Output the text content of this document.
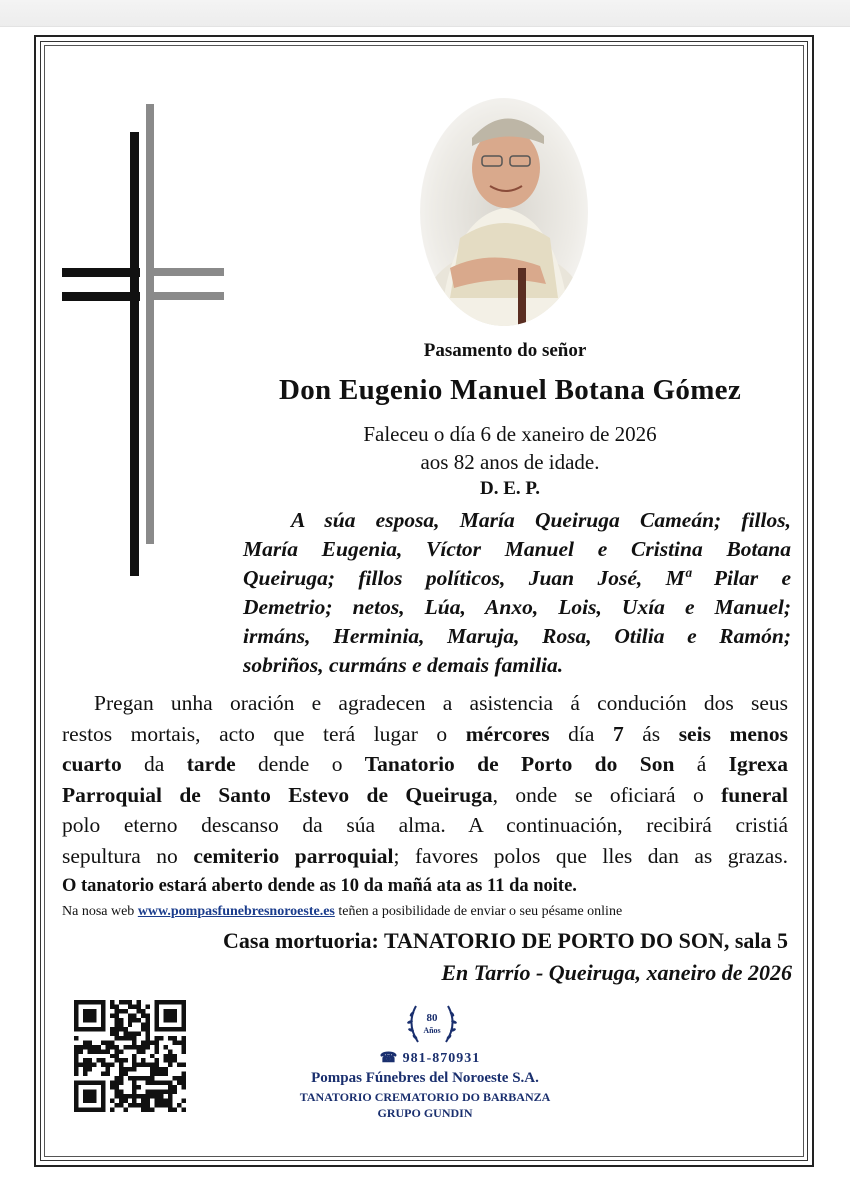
Pasamento do señor
Don Eugenio Manuel Botana Gómez
Faleceu o día 6 de xaneiro de 2026
aos 82 anos de idade.
D. E. P.
A súa esposa, María Queiruga Cameán; fillos,
María Eugenia, Víctor Manuel e Cristina Botana
Queiruga; fillos políticos, Juan José, Mª Pilar e
Demetrio; netos, Lúa, Anxo, Lois, Uxía e Manuel;
irmáns, Herminia, Maruja, Rosa, Otilia e Ramón;
sobriños, curmáns e demais familia.
Pregan unha oración e agradecen a asistencia á condución dos seus
restos mortais, acto que terá lugar o mércores día 7 ás seis menos
cuarto da tarde dende o Tanatorio de Porto do Son á Igrexa
Parroquial de Santo Estevo de Queiruga, onde se oficiará o funeral
polo eterno descanso da súa alma. A continuación, recibirá cristiá
sepultura no cemiterio parroquial; favores polos que lles dan as grazas.
O tanatorio estará aberto dende as 10 da mañá ata as 11 da noite.
Na nosa web www.pompasfunebresnoroeste.es teñen a posibilidade de enviar o seu pésame online
Casa mortuoria: TANATORIO DE PORTO DO SON, sala 5
En Tarrío - Queiruga, xaneiro de 2026
80
Años
☎ 981-870931
Pompas Fúnebres del Noroeste S.A.
TANATORIO CREMATORIO DO BARBANZA
GRUPO GUNDIN
